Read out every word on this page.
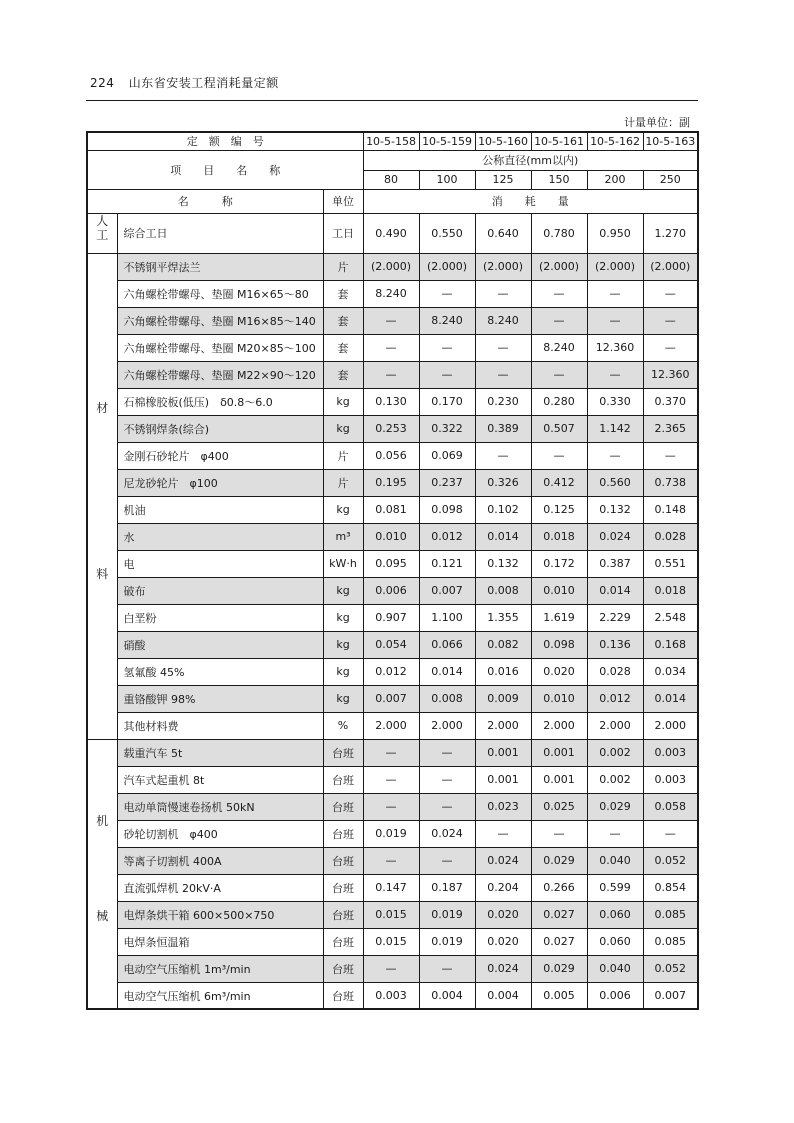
224 山东省安装工程消耗量定额
计量单位：副
定　额　编　号			10-5-158	10-5-159	10-5-160	10-5-161	10-5-162	10-5-163
项　　目　　名　　称			公称直径(mm以内)					
			80	100	125	150	200	250
名　　　称		单位	消　　耗　　量					

人
工	综合工日	工日	0.490	0.550	0.640	0.780	0.950	1.270

材
料	不锈钢平焊法兰	片	(2.000)	(2.000)	(2.000)	(2.000)	(2.000)	(2.000)
	六角螺栓带螺母、垫圈 M16×65～80	套	8.240	—	—	—	—	—
	六角螺栓带螺母、垫圈 M16×85～140	套	—	8.240	8.240	—	—	—
	六角螺栓带螺母、垫圈 M20×85～100	套	—	—	—	8.240	12.360	—
	六角螺栓带螺母、垫圈 M22×90～120	套	—	—	—	—	—	12.360
	石棉橡胶板(低压)　δ0.8～6.0	kg	0.130	0.170	0.230	0.280	0.330	0.370
	不锈钢焊条(综合)	kg	0.253	0.322	0.389	0.507	1.142	2.365
	金刚石砂轮片　φ400	片	0.056	0.069	—	—	—	—
	尼龙砂轮片　φ100	片	0.195	0.237	0.326	0.412	0.560	0.738
	机油	kg	0.081	0.098	0.102	0.125	0.132	0.148
	水	m³	0.010	0.012	0.014	0.018	0.024	0.028
	电	kW·h	0.095	0.121	0.132	0.172	0.387	0.551
	破布	kg	0.006	0.007	0.008	0.010	0.014	0.018
	白垩粉	kg	0.907	1.100	1.355	1.619	2.229	2.548
	硝酸	kg	0.054	0.066	0.082	0.098	0.136	0.168
	氢氟酸 45%	kg	0.012	0.014	0.016	0.020	0.028	0.034
	重铬酸钾 98%	kg	0.007	0.008	0.009	0.010	0.012	0.014
	其他材料费	%	2.000	2.000	2.000	2.000	2.000	2.000

机
械	载重汽车 5t	台班	—	—	0.001	0.001	0.002	0.003
	汽车式起重机 8t	台班	—	—	0.001	0.001	0.002	0.003
	电动单筒慢速卷扬机 50kN	台班	—	—	0.023	0.025	0.029	0.058
	砂轮切割机　φ400	台班	0.019	0.024	—	—	—	—
	等离子切割机 400A	台班	—	—	0.024	0.029	0.040	0.052
	直流弧焊机 20kV·A	台班	0.147	0.187	0.204	0.266	0.599	0.854
	电焊条烘干箱 600×500×750	台班	0.015	0.019	0.020	0.027	0.060	0.085
	电焊条恒温箱	台班	0.015	0.019	0.020	0.027	0.060	0.085
	电动空气压缩机 1m³/min	台班	—	—	0.024	0.029	0.040	0.052
	电动空气压缩机 6m³/min	台班	0.003	0.004	0.004	0.005	0.006	0.007
